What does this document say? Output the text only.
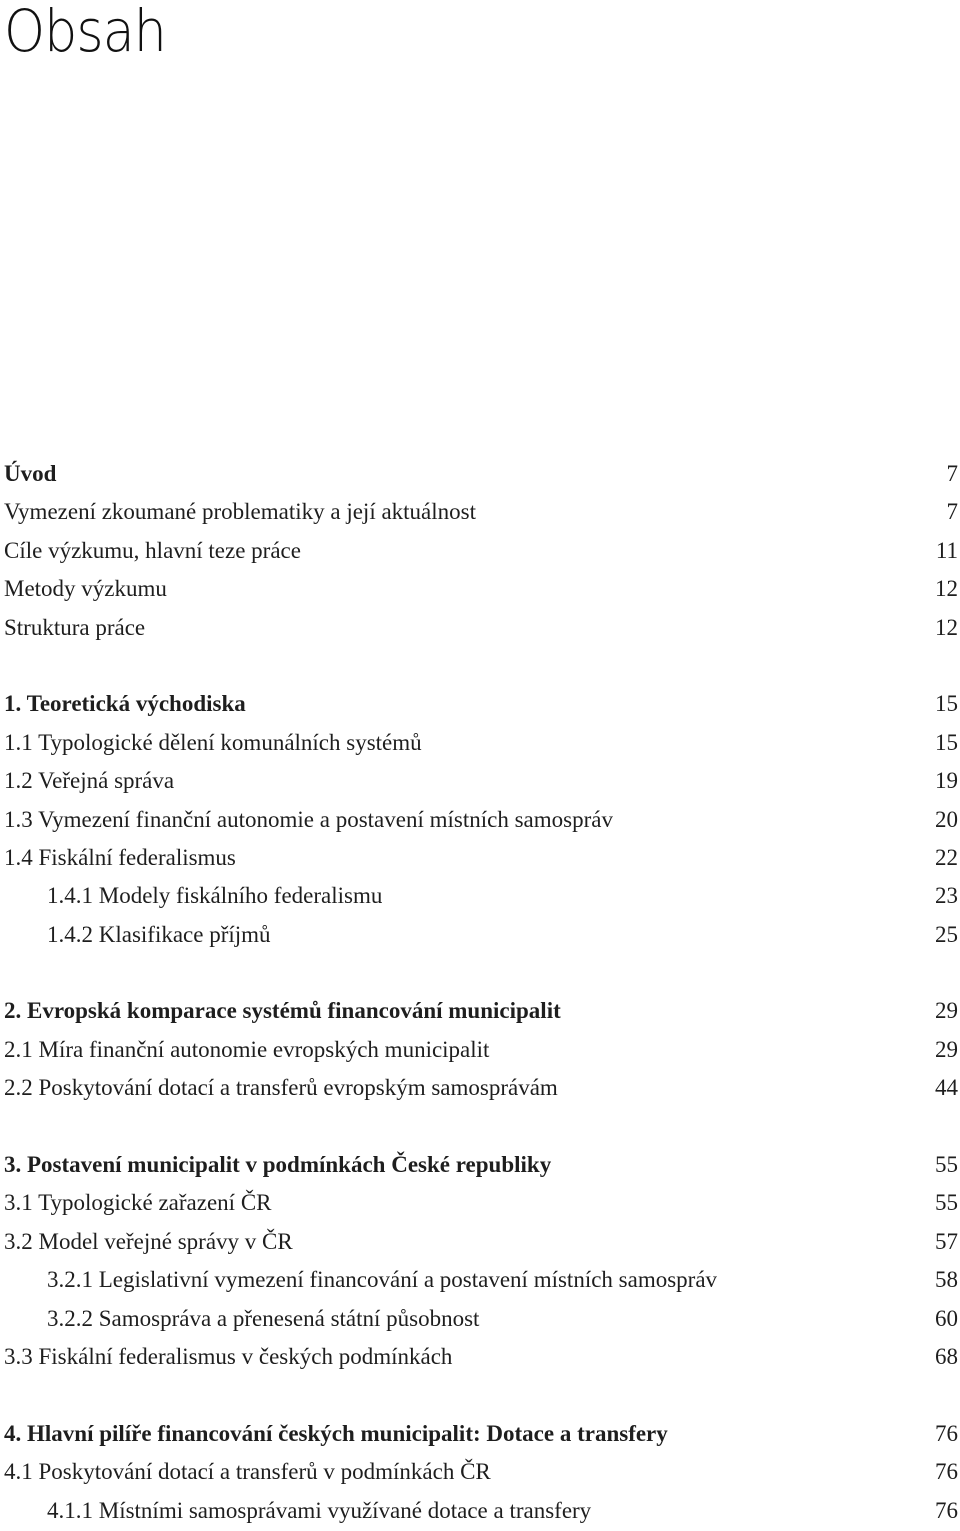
Obsah
Úvod	7
Vymezení zkoumané problematiky a její aktuálnost	7
Cíle výzkumu, hlavní teze práce	11
Metody výzkumu	12
Struktura práce	12
1. Teoretická východiska	15
1.1 Typologické dělení komunálních systémů	15
1.2 Veřejná správa	19
1.3 Vymezení finanční autonomie a postavení místních samospráv	20
1.4 Fiskální federalismus	22
1.4.1 Modely fiskálního federalismu	23
1.4.2 Klasifikace příjmů	25
2. Evropská komparace systémů financování municipalit	29
2.1 Míra finanční autonomie evropských municipalit	29
2.2 Poskytování dotací a transferů evropským samosprávám	44
3. Postavení municipalit v podmínkách České republiky	55
3.1 Typologické zařazení ČR	55
3.2 Model veřejné správy v ČR	57
3.2.1 Legislativní vymezení financování a postavení místních samospráv	58
3.2.2 Samospráva a přenesená státní působnost	60
3.3 Fiskální federalismus v českých podmínkách	68
4. Hlavní pilíře financování českých municipalit: Dotace a transfery	76
4.1 Poskytování dotací a transferů v podmínkách ČR	76
4.1.1 Místními samosprávami využívané dotace a transfery	76
